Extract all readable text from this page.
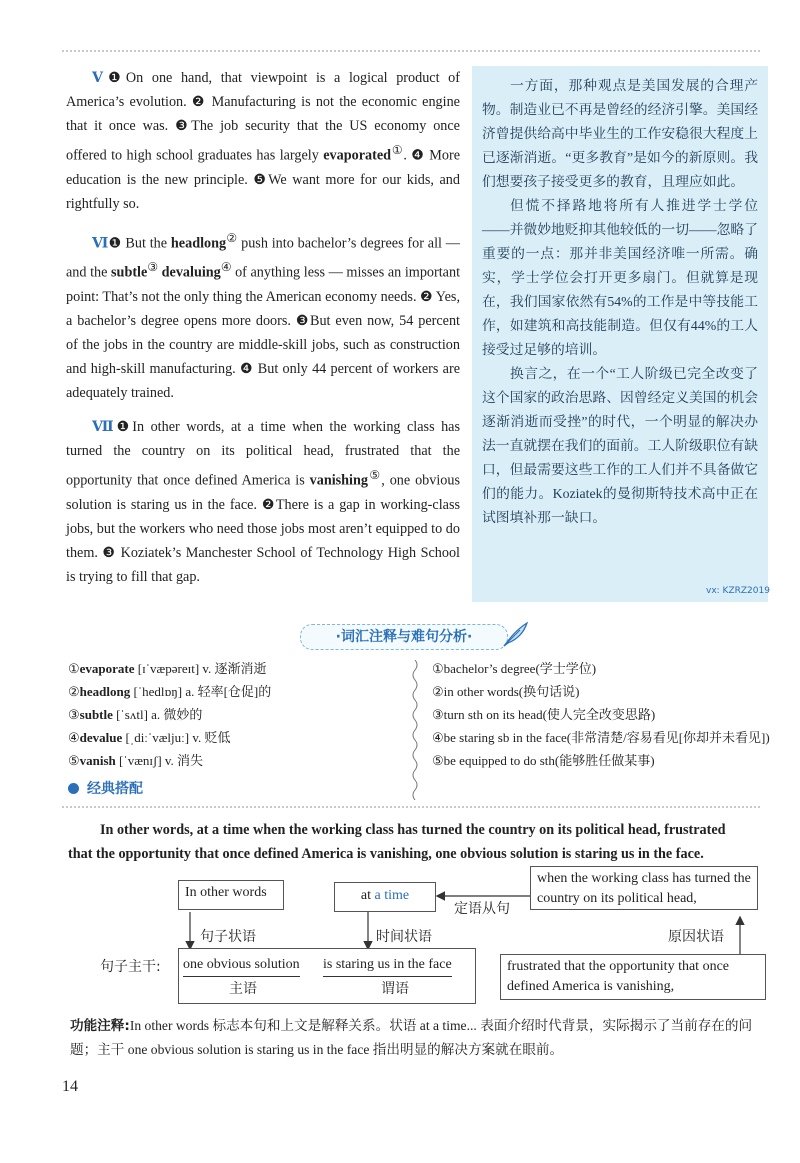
Ⅴ❶On one hand, that viewpoint is a logical product of America’s evolution. ❷ Manufacturing is not the economic engine that it once was. ❸The job security that the US economy once offered to high school graduates has largely evaporated①. ❹ More education is the new principle. ❺We want more for our kids, and rightfully so.

Ⅵ❶ But the headlong② push into bachelor’s degrees for all — and the subtle③ devaluing④ of anything less — misses an important point: That’s not the only thing the American economy needs. ❷ Yes, a bachelor’s degree opens more doors. ❸But even now, 54 percent of the jobs in the country are middle-skill jobs, such as construction and high-skill manufacturing. ❹ But only 44 percent of workers are adequately trained.

Ⅶ❶In other words, at a time when the working class has turned the country on its political head, frustrated that the opportunity that once defined America is vanishing⑤, one obvious solution is staring us in the face. ❷There is a gap in working-class jobs, but the workers who need those jobs most aren’t equipped to do them. ❸ Koziatek’s Manchester School of Technology High School is trying to fill that gap.

一方面，那种观点是美国发展的合理产物。制造业已不再是曾经的经济引擎。美国经济曾提供给高中毕业生的工作安稳很大程度上已逐渐消逝。“更多教育”是如今的新原则。我们想要孩子接受更多的教育，且理应如此。

但慌不择路地将所有人推进学士学位——并微妙地贬抑其他较低的一切——忽略了重要的一点：那并非美国经济唯一所需。确实，学士学位会打开更多扇门。但就算是现在，我们国家依然有54%的工作是中等技能工作，如建筑和高技能制造。但仅有44%的工人接受过足够的培训。

换言之，在一个“工人阶级已完全改变了这个国家的政治思路、因曾经定义美国的机会逐渐消逝而受挫”的时代，一个明显的解决办法一直就摆在我们的面前。工人阶级职位有缺口，但最需要这些工作的工人们并不具备做它们的能力。Koziatek的曼彻斯特技术高中正在试图填补那一缺口。

vx: KZRZ2019
·词汇注释与难句分析·
①evaporate [ɪˈvæpəreɪt] v. 逐渐消逝
②headlong [ˈhedlɒŋ] a. 轻率[仓促]的
③subtle [ˈsʌtl] a. 微妙的
④devalue [ˌdiːˈvæljuː] v. 贬低
⑤vanish [ˈvænɪʃ] v. 消失
①bachelor’s degree(学士学位)
②in other words(换句话说)
③turn sth on its head(使人完全改变思路)
④be staring sb in the face(非常清楚/容易看见[你却并未看见])
⑤be equipped to do sth(能够胜任做某事)
经典搭配
In other words, at a time when the working class has turned the country on its political head, frustrated
that the opportunity that once defined America is vanishing, one obvious solution is staring us in the face.
In other words	at a time
when the working class has turned the country on its political head,
定语从句
句子状语	时间状语	原因状语
句子主干: one obvious solution is staring us in the face
主语	谓语
frustrated that the opportunity that once defined America is vanishing,
功能注释:In other words 标志本句和上文是解释关系。状语 at a time... 表面介绍时代背景，实际揭示了当前存在的问题；主干 one obvious solution is staring us in the face 指出明显的解决方案就在眼前。
14
